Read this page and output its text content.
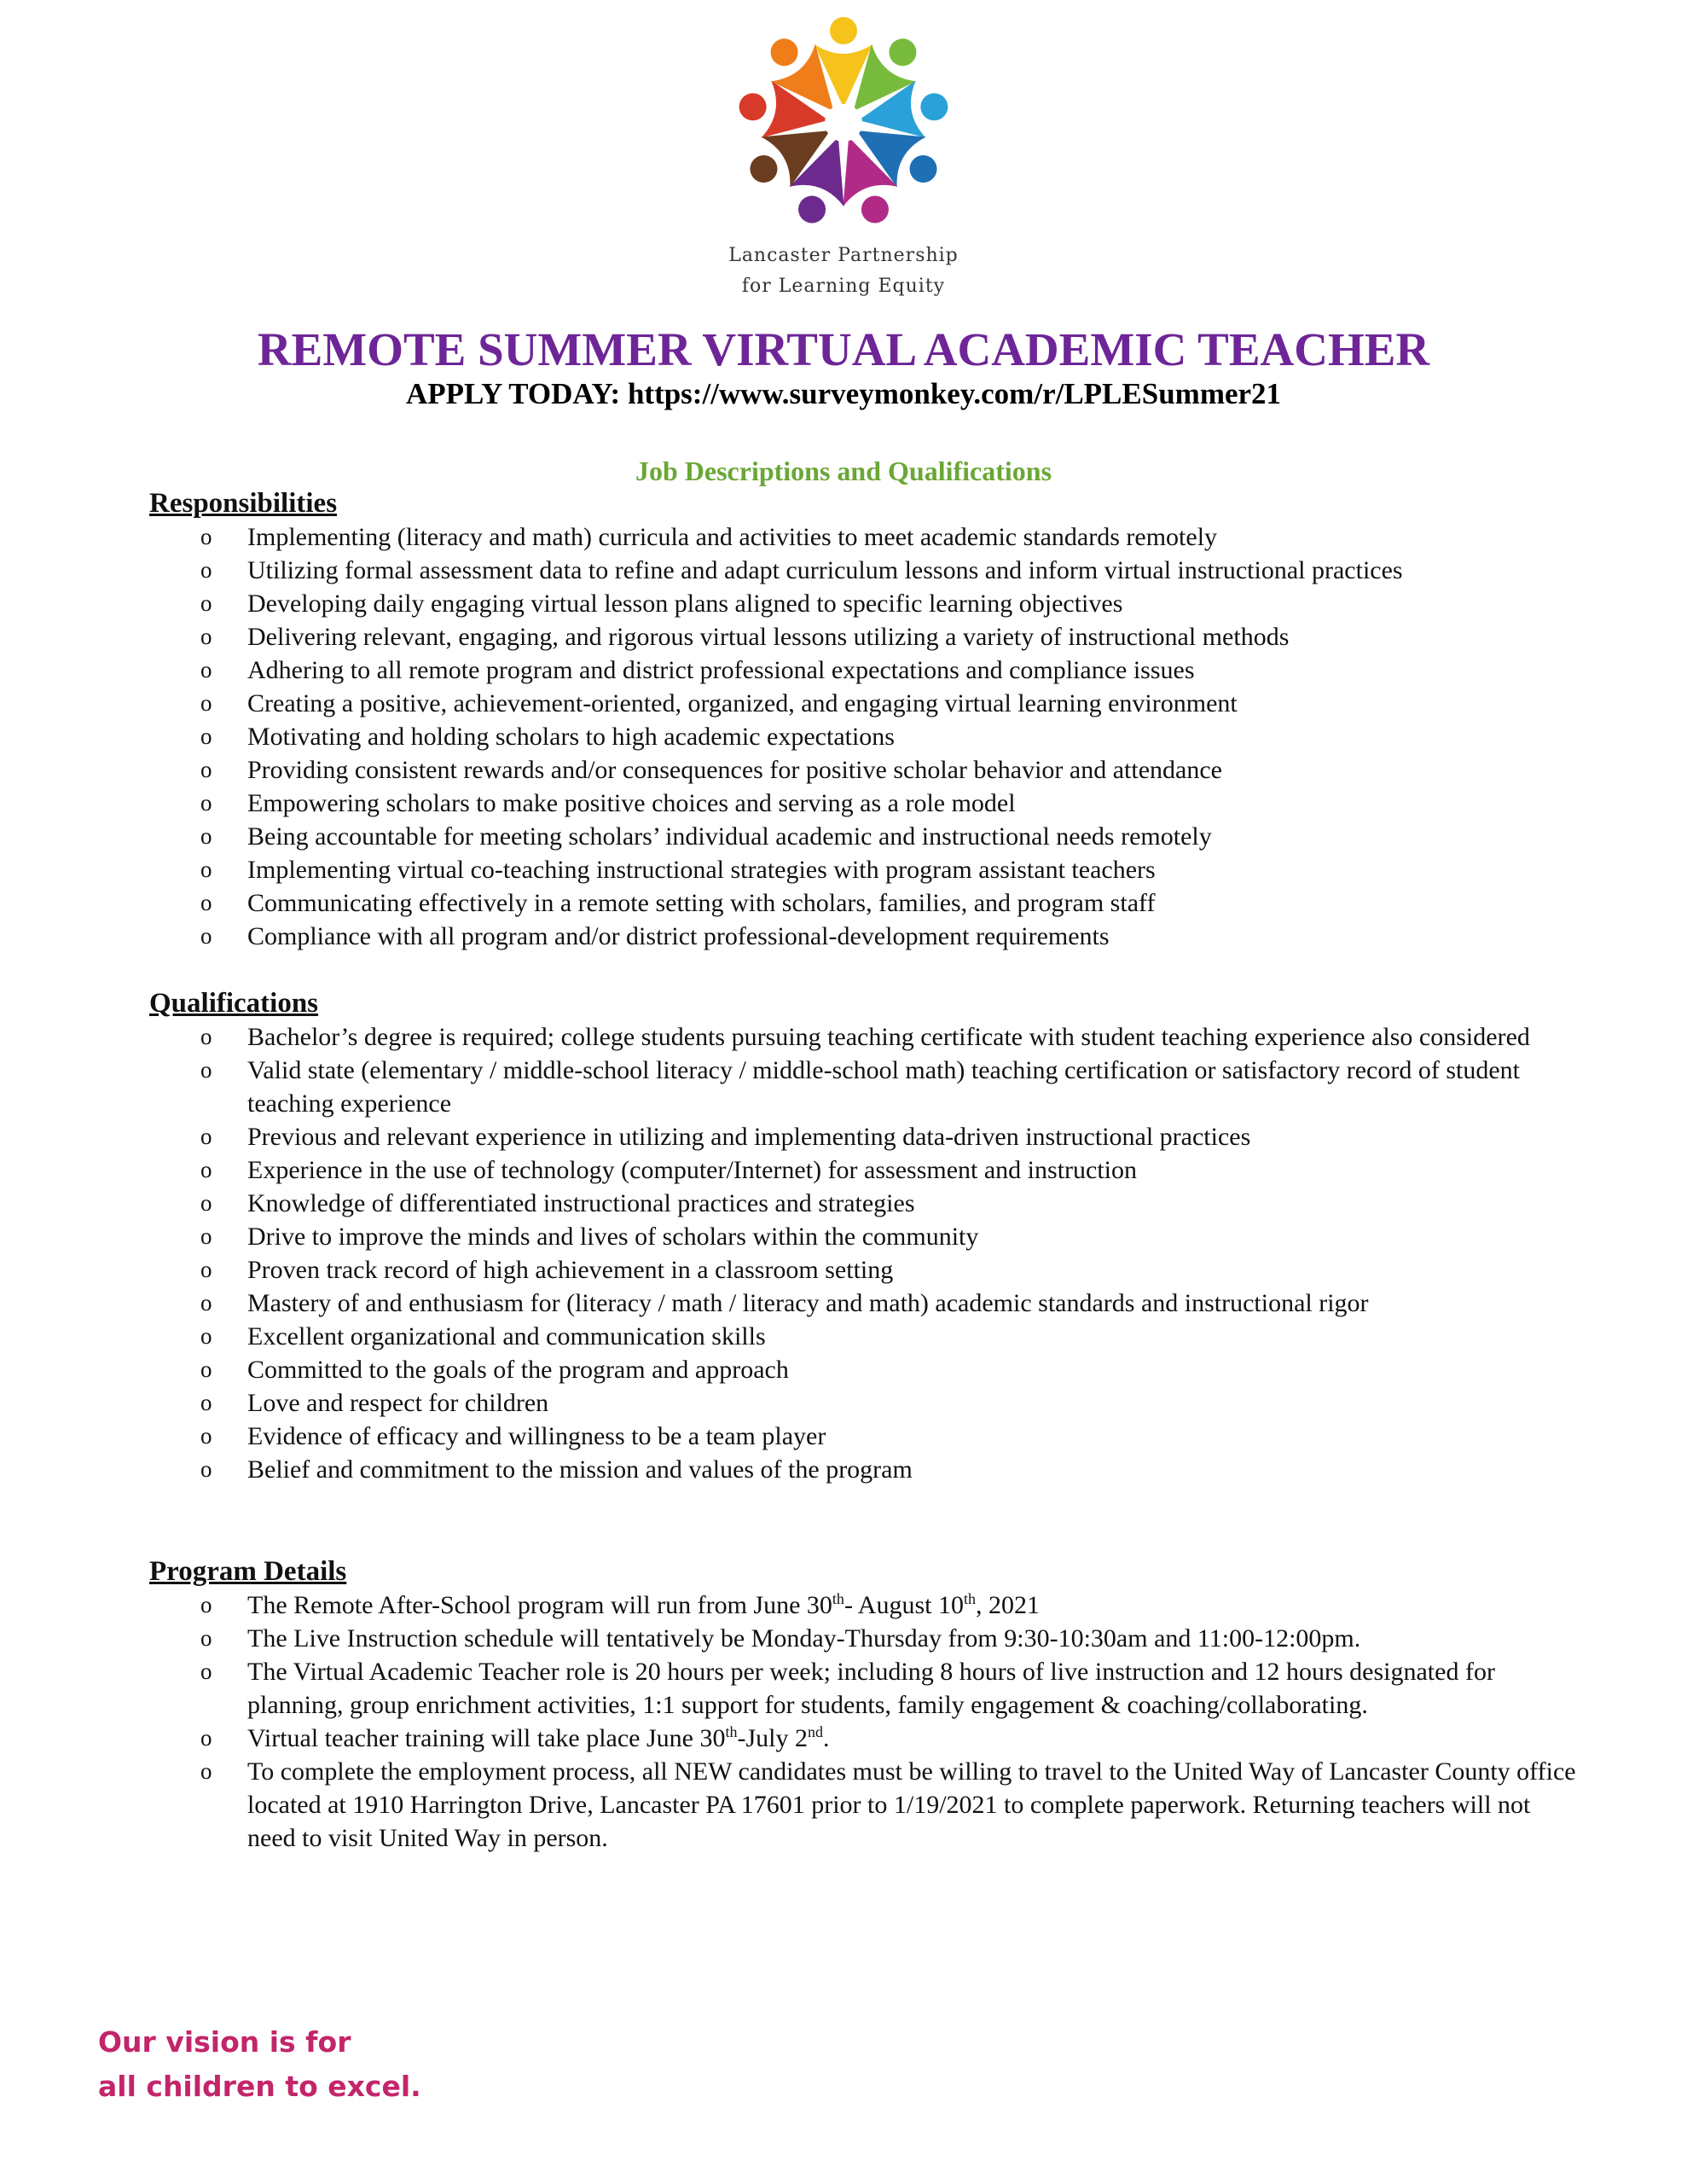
Lancaster Partnership
for Learning Equity
REMOTE SUMMER VIRTUAL ACADEMIC TEACHER
APPLY TODAY: https://www.surveymonkey.com/r/LPLESummer21
Job Descriptions and Qualifications
Responsibilities
o Implementing (literacy and math) curricula and activities to meet academic standards remotely
o Utilizing formal assessment data to refine and adapt curriculum lessons and inform virtual instructional practices
o Developing daily engaging virtual lesson plans aligned to specific learning objectives
o Delivering relevant, engaging, and rigorous virtual lessons utilizing a variety of instructional methods
o Adhering to all remote program and district professional expectations and compliance issues
o Creating a positive, achievement-oriented, organized, and engaging virtual learning environment
o Motivating and holding scholars to high academic expectations
o Providing consistent rewards and/or consequences for positive scholar behavior and attendance
o Empowering scholars to make positive choices and serving as a role model
o Being accountable for meeting scholars’ individual academic and instructional needs remotely
o Implementing virtual co-teaching instructional strategies with program assistant teachers
o Communicating effectively in a remote setting with scholars, families, and program staff
o Compliance with all program and/or district professional-development requirements
Qualifications
o Bachelor’s degree is required; college students pursuing teaching certificate with student teaching experience also considered
o Valid state (elementary / middle-school literacy / middle-school math) teaching certification or satisfactory record of student teaching experience
o Previous and relevant experience in utilizing and implementing data-driven instructional practices
o Experience in the use of technology (computer/Internet) for assessment and instruction
o Knowledge of differentiated instructional practices and strategies
o Drive to improve the minds and lives of scholars within the community
o Proven track record of high achievement in a classroom setting
o Mastery of and enthusiasm for (literacy / math / literacy and math) academic standards and instructional rigor
o Excellent organizational and communication skills
o Committed to the goals of the program and approach
o Love and respect for children
o Evidence of efficacy and willingness to be a team player
o Belief and commitment to the mission and values of the program
Program Details
o The Remote After-School program will run from June 30th- August 10th, 2021
o The Live Instruction schedule will tentatively be Monday-Thursday from 9:30-10:30am and 11:00-12:00pm.
o The Virtual Academic Teacher role is 20 hours per week; including 8 hours of live instruction and 12 hours designated for planning, group enrichment activities, 1:1 support for students, family engagement & coaching/collaborating.
o Virtual teacher training will take place June 30th-July 2nd.
o To complete the employment process, all NEW candidates must be willing to travel to the United Way of Lancaster County office located at 1910 Harrington Drive, Lancaster PA 17601 prior to 1/19/2021 to complete paperwork. Returning teachers will not need to visit United Way in person.
Our vision is for
all children to excel.
